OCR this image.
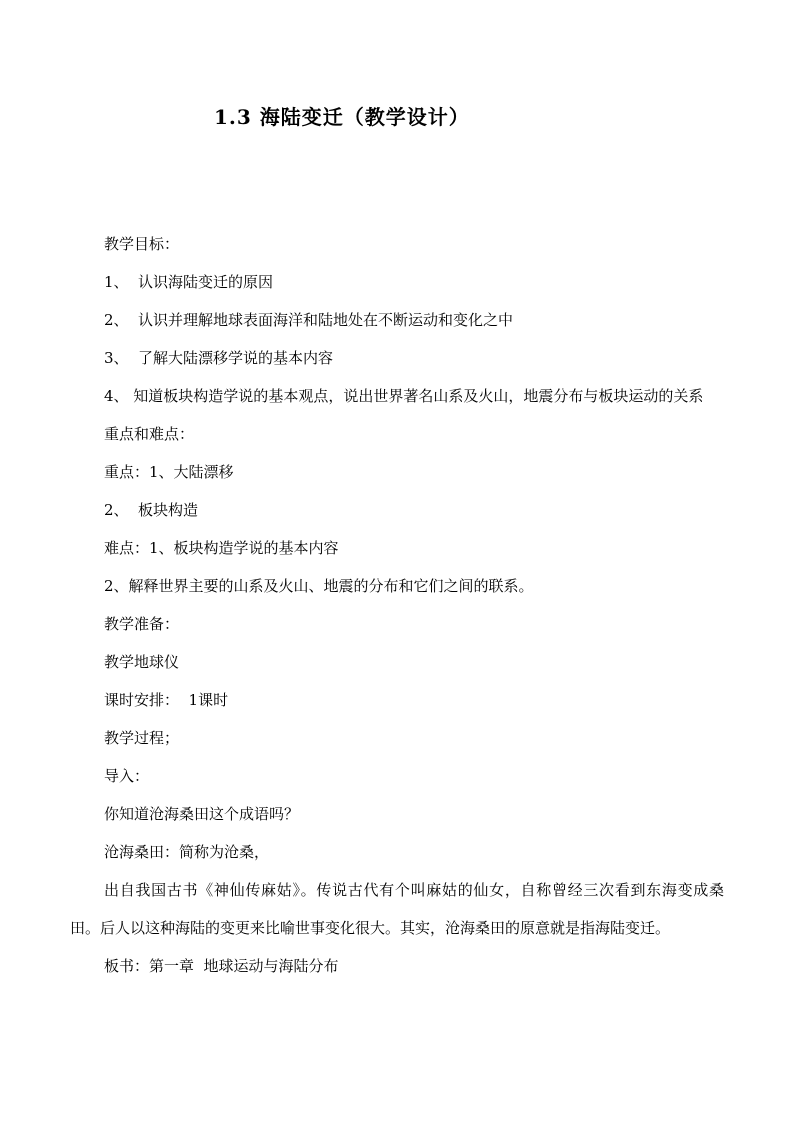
1.3 海陆变迁（教学设计）
教学目标：
1、 认识海陆变迁的原因
2、 认识并理解地球表面海洋和陆地处在不断运动和变化之中
3、 了解大陆漂移学说的基本内容
4、 知道板块构造学说的基本观点，说出世界著名山系及火山，地震分布与板块运动的关系
重点和难点：
重点：1、大陆漂移
2、 板块构造
难点：1、板块构造学说的基本内容
2、解释世界主要的山系及火山、地震的分布和它们之间的联系。
教学准备：
教学地球仪
课时安排：  1课时
教学过程；
导入：
你知道沧海桑田这个成语吗？
沧海桑田：简称为沧桑，
出自我国古书《神仙传麻姑》。传说古代有个叫麻姑的仙女，自称曾经三次看到东海变成桑田。后人以这种海陆的变更来比喻世事变化很大。其实，沧海桑田的原意就是指海陆变迁。
板书：第一章  地球运动与海陆分布
